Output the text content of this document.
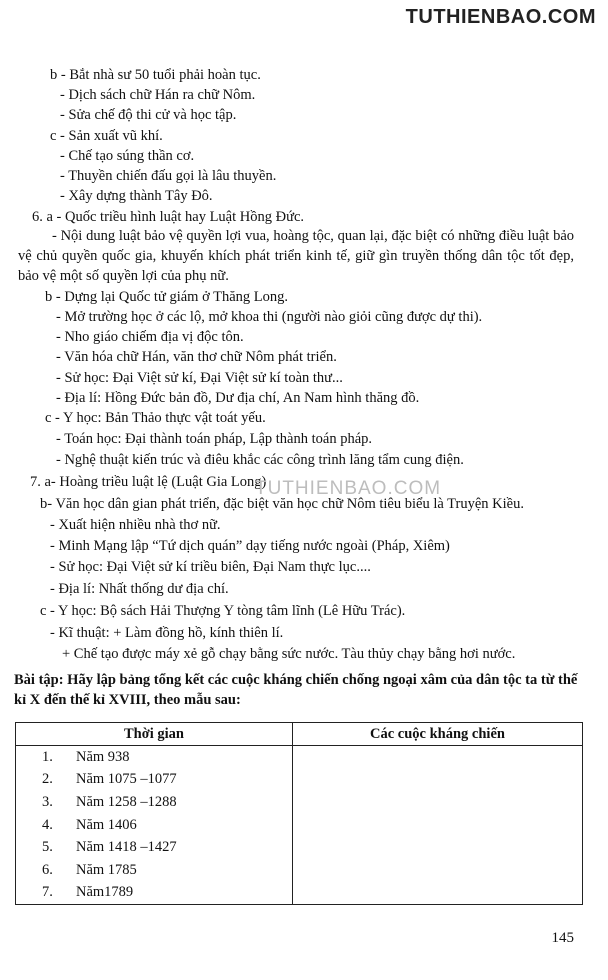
TUTHIENBAO.COM
b - Bắt nhà sư 50 tuổi phải hoàn tục.
- Dịch sách chữ Hán ra chữ Nôm.
- Sửa chế độ thi cử và học tập.
c - Sản xuất vũ khí.
- Chế tạo súng thần cơ.
- Thuyền chiến đấu gọi là lâu thuyền.
- Xây dựng thành Tây Đô.
6. a - Quốc triều hình luật hay Luật Hồng Đức.
- Nội dung luật bảo vệ quyền lợi vua, hoàng tộc, quan lại, đặc biệt có những điều luật bảo vệ chủ quyền quốc gia, khuyến khích phát triển kinh tế, giữ gìn truyền thống dân tộc tốt đẹp, bảo vệ một số quyền lợi của phụ nữ.
b - Dựng lại Quốc tử giám ở Thăng Long.
- Mở trường học ở các lộ, mở khoa thi (người nào giỏi cũng được dự thi).
- Nho giáo chiếm địa vị độc tôn.
- Văn hóa chữ Hán, văn thơ chữ Nôm phát triển.
- Sử học: Đại Việt sử kí, Đại Việt sử kí toàn thư...
- Địa lí: Hồng Đức bản đồ, Dư địa chí, An Nam hình thăng đồ.
c - Y học: Bản Thảo thực vật toát yếu.
- Toán học: Đại thành toán pháp, Lập thành toán pháp.
- Nghệ thuật kiến trúc và điêu khắc các công trình lăng tẩm cung điện.
7. a- Hoàng triều luật lệ (Luật Gia Long)
TUTHIENBAO.COM
b- Văn học dân gian phát triển, đặc biệt văn học chữ Nôm tiêu biểu là Truyện Kiều.
- Xuất hiện nhiều nhà thơ nữ.
- Minh Mạng lập “Tứ dịch quán” dạy tiếng nước ngoài (Pháp, Xiêm)
- Sử học: Đại Việt sử kí triều biên, Đại Nam thực lục....
- Địa lí: Nhất thống dư địa chí.
c - Y học: Bộ sách Hải Thượng Y tòng tâm lĩnh (Lê Hữu Trác).
- Kĩ thuật: + Làm đồng hồ, kính thiên lí.
+ Chế tạo được máy xẻ gỗ chạy bằng sức nước. Tàu thủy chạy bằng hơi nước.
Bài tập: Hãy lập bảng tổng kết các cuộc kháng chiến chống ngoại xâm của dân tộc ta từ thế kỉ X đến thế kỉ XVIII, theo mẫu sau:
Thời gian	Các cuộc kháng chiến
1. Năm 938	
2. Năm 1075 –1077	
3. Năm 1258 –1288	
4. Năm 1406	
5. Năm 1418 –1427	
6. Năm 1785	
7. Năm1789	
145
